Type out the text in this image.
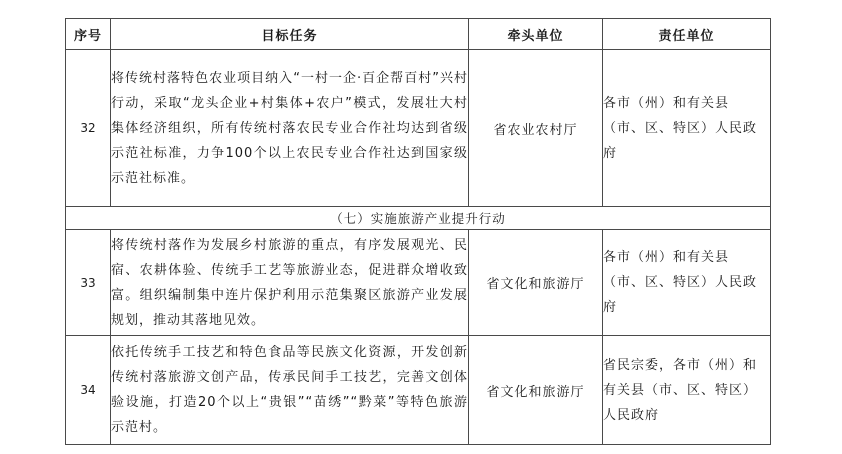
序号	目标任务	牵头单位	责任单位
32	将传统村落特色农业项目纳入“一村一企·百企帮百村”兴村行动，采取“龙头企业+村集体+农户”模式，发展壮大村集体经济组织，所有传统村落农民专业合作社均达到省级示范社标准，力争100个以上农民专业合作社达到国家级示范社标准。	省农业农村厅	各市（州）和有关县（市、区、特区）人民政府
（七）实施旅游产业提升行动			
33	将传统村落作为发展乡村旅游的重点，有序发展观光、民宿、农耕体验、传统手工艺等旅游业态，促进群众增收致富。组织编制集中连片保护利用示范集聚区旅游产业发展规划，推动其落地见效。	省文化和旅游厅	各市（州）和有关县（市、区、特区）人民政府
34	依托传统手工技艺和特色食品等民族文化资源，开发创新传统村落旅游文创产品，传承民间手工技艺，完善文创体验设施，打造20个以上“贵银”“苗绣”“黔菜”等特色旅游示范村。	省文化和旅游厅	省民宗委，各市（州）和有关县（市、区、特区）人民政府
